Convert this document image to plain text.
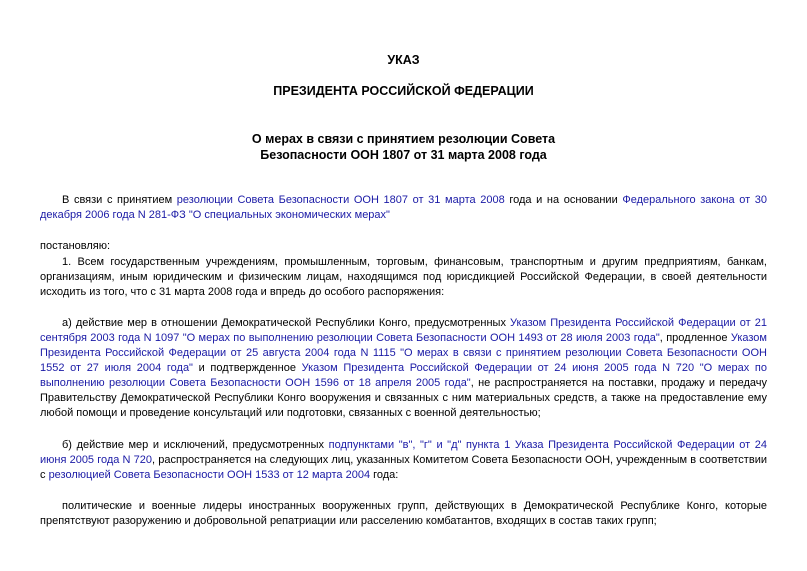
УКАЗ

ПРЕЗИДЕНТА РОССИЙСКОЙ ФЕДЕРАЦИИ

О мерах в связи с принятием резолюции Совета

Безопасности ООН 1807 от 31 марта 2008 года

В связи с принятием резолюции Совета Безопасности ООН 1807 от 31 марта 2008 года и на основании Федерального закона от 30 декабря 2006 года N 281-ФЗ "О специальных экономических мерах"

постановляю:

1. Всем государственным учреждениям, промышленным, торговым, финансовым, транспортным и другим предприятиям, банкам, организациям, иным юридическим и физическим лицам, находящимся под юрисдикцией Российской Федерации, в своей деятельности исходить из того, что с 31 марта 2008 года и впредь до особого распоряжения:

а) действие мер в отношении Демократической Республики Конго, предусмотренных Указом Президента Российской Федерации от 21 сентября 2003 года N 1097 "О мерах по выполнению резолюции Совета Безопасности ООН 1493 от 28 июля 2003 года", продленное Указом Президента Российской Федерации от 25 августа 2004 года N 1115 "О мерах в связи с принятием резолюции Совета Безопасности ООН 1552 от 27 июля 2004 года" и подтвержденное Указом Президента Российской Федерации от 24 июня 2005 года N 720 "О мерах по выполнению резолюции Совета Безопасности ООН 1596 от 18 апреля 2005 года", не распространяется на поставки, продажу и передачу Правительству Демократической Республики Конго вооружения и связанных с ним материальных средств, а также на предоставление ему любой помощи и проведение консультаций или подготовки, связанных с военной деятельностью;

б) действие мер и исключений, предусмотренных подпунктами "в", "г" и "д" пункта 1 Указа Президента Российской Федерации от 24 июня 2005 года N 720, распространяется на следующих лиц, указанных Комитетом Совета Безопасности ООН, учрежденным в соответствии с резолюцией Совета Безопасности ООН 1533 от 12 марта 2004 года:

политические и военные лидеры иностранных вооруженных групп, действующих в Демократической Республике Конго, которые препятствуют разоружению и добровольной репатриации или расселению комбатантов, входящих в состав таких групп;
